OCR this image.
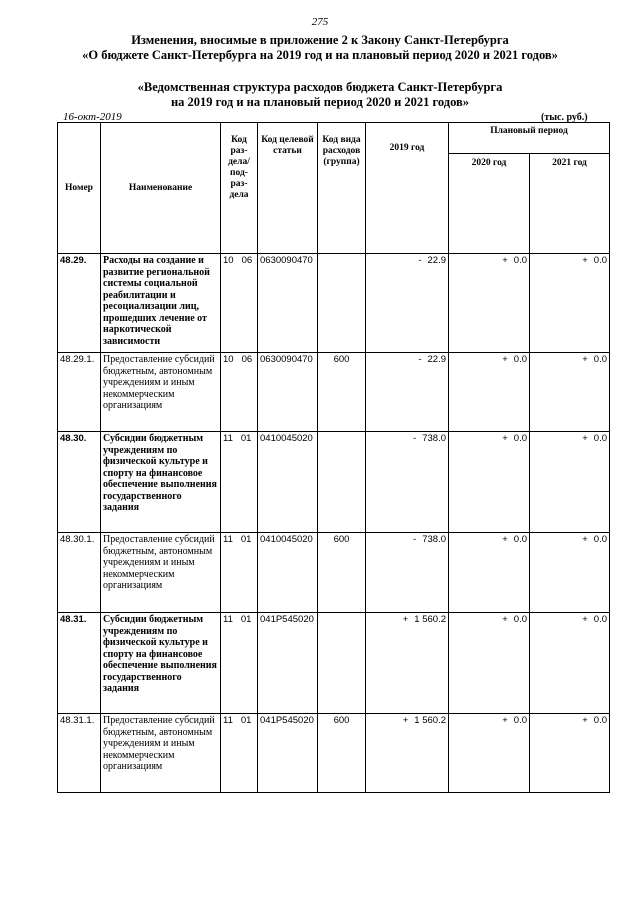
275
Изменения, вносимые в приложение 2 к Закону Санкт-Петербурга
«О бюджете Санкт-Петербурга на 2019 год и на плановый период 2020 и 2021 годов»
«Ведомственная структура расходов бюджета Санкт-Петербурга
на 2019 год и на плановый период 2020 и 2021 годов»
16-окт-2019	(тыс. руб.)
Номер	Наименование	Код раз- дела/ под- раз- дела	Код целевой статьи	Код вида расходов (группа)	2019 год	Плановый период	
						2020 год	2021 год
48.29.	Расходы на создание и развитие региональной системы социальной реабилитации и ресоциализации лиц, прошедших лечение от наркотической зависимости	10 06	0630090470		- 22.9	+ 0.0	+ 0.0
48.29.1.	Предоставление субсидий бюджетным, автономным учреждениям и иным некоммерческим организациям	10 06	0630090470	600	- 22.9	+ 0.0	+ 0.0
48.30.	Субсидии бюджетным учреждениям по физической культуре и спорту на финансовое обеспечение выполнения государственного задания	11 01	0410045020		- 738.0	+ 0.0	+ 0.0
48.30.1.	Предоставление субсидий бюджетным, автономным учреждениям и иным некоммерческим организациям	11 01	0410045020	600	- 738.0	+ 0.0	+ 0.0
48.31.	Субсидии бюджетным учреждениям по физической культуре и спорту на финансовое обеспечение выполнения государственного задания	11 01	041P545020		+ 1 560.2	+ 0.0	+ 0.0
48.31.1.	Предоставление субсидий бюджетным, автономным учреждениям и иным некоммерческим организациям	11 01	041P545020	600	+ 1 560.2	+ 0.0	+ 0.0
